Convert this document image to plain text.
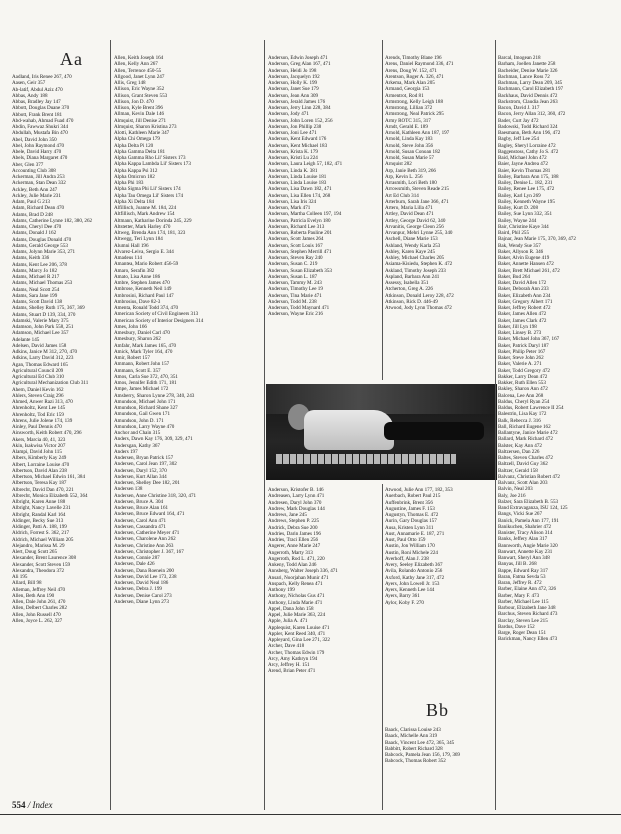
Aa
Aadland, Iris Renee 267, 470
Aasen, Geir 357
Ab-latif, Abdul Aziz 470
Abbas, Andy 188
Abbas, Bradley Jay 147
Abbott, Douglas Duane 370
Abbott, Frank Brent 181
Abd-wahab, Ahmad Fuad 470
Abdin, Fawwaz Shukri 344
Abdullah, Mustafa Bin 470
Abel, David John 350
Abel, John Raymond 470
Abele, David Harry 470
Abels, Diana Margaret 470
Aber, Glen 377
Accounting Club 308
Ackerman, Jill Andra 253
Ackerman, Stan Dean 332
Ackley, Beth Ann 247
Ackley, Julie Marie 231
Adam, Paul G 213
Adam, Richard Dean 470
Adams, Brad D 248
Adams, Catherine Lynne 182, 380, 262
Adams, Cheryl Dee 470
Adams, Donald J 162
Adams, Douglas Donald 470
Adams, Gerald George 553
Adams, Jolynn Marie 353, 271
Adams, Keith 336
Adams, Kent Lee 206, 378
Adams, Marcy Jo 182
Adams, Michael R 217
Adams, Michael Thomas 253
Adams, Neal Scott 254
Adams, Sara Jane 199
Adams, Scott David 138
Adams, Shelley Ruth 175, 367, 369
Adams, Stuart D 139, 334, 370
Adamski, Valerie Mary 375
Adamson, John Park 558, 251
Adamson, Michael Lee 357
Adelante 145
Adelsen, David James 158
Adkins, Janice M 312, 270, 470
Adkins, Larry David 312, 223
Agan, Thomas Edward 165
Agricultural Council 209
Agricultural Ed Club 310
Agricultural Mechanization Club 311
Ahern, Daniel Kevin 162
Ahlers, Steven Craig 296
Ahmed, Anwer Razi 313, 470
Ahrenholtz, Kent Lee 145
Ahrenholtz, Tod Eric 159
Ahrens, Julie Jolene 174, 139
Ainley, Paul Dennis 470
Ainsworth, Keith Robert 470, 296
Akers, Marcia 40, 41, 323
Akin, Isakwisa Victor 207
Alampi, David John 115
Albers, Kimberly Kay 249
Albert, Lorraine Louise 470
Albertson, David Alan 238
Albertson, Michael Edwin 161, 384
Albertson, Teresa Kay 187
Albrecht, David Dan 470, 221
Albrecht, Monica Elizabeth 552, 364
Albright, Karen Anne 188
Albright, Nancy Lavelle 231
Albright, Randal Karl 164
Aldinger, Becky Sue 313
Aldinger, Patti A. 188, 199
Aldrich, Forrest S. 362, 217
Aldrich, Michael William 205
Alejandro, Marissa M. 29
Alert, Doug Scott 265
Alexander, Brent Laurence 308
Alexander, Scott Steven 159
Alexandra, Theodora 372
Ali 195
Allard, Bill 98
Alleman, Jeffrey Neil 470
Allen, Beth Ann 190
Allen, Dale John 261, 470
Allen, Delbert Charles 282
Allen, John Russell 470
Allen, Joyce L. 262, 327
Allen, Keith Joseph 164
Allen, Kelly Ann 267
Allen, Terrence 450-55
Allgood, Janet Lynn 247
Allis, Greg 148
Allison, Eric Wayne 352
Allison, Grant Steven 553
Allison, Jon D. 470
Allison, Kyle Brent 396
Allman, Kevin Dale 146
Almquist, Jill Denise 271
Almquist, Sharon Kristina 273
Alotti, Kathleen Marie 347
Alpha Chi Omega 179
Alpha Delta Pi 120
Alpha Gamma Delta 181
Alpha Gamma Rho Lil' Sisters 173
Alpha Kappa Lambda Lil' Sisters 173
Alpha Kappa Psi 312
Alpha Omicron 182
Alpha Phi 183
Alpha Sigma Phi Lil' Sisters 174
Alpha Tau Omega Lil' Sisters 174
Alpha Xi Delta 184
Alfillisch, Joanne M. 184, 224
Altfillisch, Mark Andrew 154
Altmann, Katharine Dorinda 245, 229
Altstetter, Mark Harley 470
Altweg, Brenda Ann 174, 181, 323
Altwegg, Teri Lynn 184
Alumni Hall 196
Alvarez-Leiva, Sergio E. 344
Amadeus 114
Amantea, Mario Robert 456-59
Amaro, Serafin 382
Amato, Lisa Anne 186
Ambre, Stephen James 470
Ambrose, Kenneth Neil 149
Ambrosini, Richard Paul 147
Ambrosius, Dave 82-3
Amenta, Ronald Todd 374, 470
American Society of Civil Engineers 313
American Society of Interior Designers 314
Ames, John 166
Amesbury, Daniel Carl 470
Amesbury, Sharon 262
Amfahr, Mark James 165, 470
Amick, Mark Tyler 164, 470
Amir, Robert 157
Ammann, Robert John 157
Ammann, Scott E. 357
Amos, Carla Sue 372, 470, 351
Amos, Jennifer Edith 171, 181
Ampe, James Michael 172
Amsberry, Sharon Lynne 278, 340, 243
Amundson, Michael John 171
Amundson, Richard Shane 327
Amundson, Gail Gwen 171
Amundson, John D. 171
Amundson, Larry Wayne 470
Anchor and Chain 315
Anders, Dawn Kay 176, 309, 329, 471
Andersgan, Kathy 367
Anders 197
Andersen, Bryan Patrick 157
Andersen, Carol Jean 197, 302
Andersen, Daryl 152, 370
Andersen, Kurt Allan 344
Andersen, Shelley Dee 182, 201
Andersen 138
Andersen, Anne Christine 318, 320, 471
Andersen, Bruce A. 304
Andersen, Bruce Alan 161
Andersen, Bruce Edward 164, 471
Andersen, Carol Ann 471
Andersen, Cassandra 471
Andersen, Catherine Meyer 471
Andersen, Charolene Ann 262
Andersen, Christine Ann 263
Andersen, Christopher J. 367, 167
Andersen, Connie 287
Andersen, Dale 426
Andersen, Dana Roenein 200
Andersen, David Lee 173, 238
Andersen, David Neal 186
Andersen, Debra J. 199
Andersen, Denise Carol 273
Andersen, Diane Lynn 273
Anderson, Edwin Joseph 471
Anderson, Greg Alan 167, 471
Anderson, Heidi Jo 198
Anderson, Jacquelyn 192
Anderson, Holly K. 199
Anderson, Janet Sue 179
Anderson, Jean Ann 309
Anderson, Jerald James 176
Anderson, Jerry Linn 228, 384
Anderson, Jody 471
Anderson, John Loren 152, 256
Anderson, Jon Phillip 238
Anderson, Joni Lee 471
Anderson, Kent Edward 176
Anderson, Kent Michael 183
Anderson, Krista K. 179
Anderson, Kristi Lu 224
Anderson, Laura Leigh 57, 182, 471
Anderson, Linda K. 381
Anderson, Linda Louise 181
Anderson, Linda Louise 183
Anderson, Lisa Dawn 182, 471
Anderson, Lisa Ellen 174, 268
Anderson, Lisa Iris 324
Anderson, Mark 471
Anderson, Martha Colleen 197, 194
Anderson, Patricia Evelyn 180
Anderson, Richard Lee 313
Anderson, Roberta Pauline 201
Anderson, Scott James 264
Anderson, Scott Louis 167
Anderson, Stephen Merrill 471
Anderson, Steven Ray 240
Anderson, Susan C. 219
Anderson, Susan Elizabeth 353
Anderson, Susan L. 187
Anderson, Tammy M. 243
Anderson, Timothy Lee 19
Anderson, Tina Marie 471
Anderson, Todd M. 238
Anderson, Todd Maynard 471
Anderson, Wayne Eric 216
Arends, Timothy Blane 196
Arens, Daniel Raymond 336, 471
Arens, Doug W. 152, 471
Arentson, Roger A. 326, 471
Arkema, Mark Alan 205
Armand, Georgia 153
Armentrot, Rod 81
Armstrong, Kelly Leigh 188
Armstrong, Lillian 372
Armstrong, Neal Patrick 295
Army ROTC 315, 317
Arndt, Gerald E. 189
Arnold, Kathleen Ann 187, 197
Arnold, Linda Kay 183
Arnold, Steve John 356
Arnold, Susan Conoan 182
Arnold, Susan Marie 57
Arnquist 282
Arp, Janie Beth 319, 266
Arp, Kevin L. 256
Arrasmith, Lori Beth 180
Arrowsmith, Steven Reade 215
Art Ed Club 314
Arterburn, Sarah Jane 366, 471
Artero, Maria Lilla 471
Artley, David Dean 471
Artley, George David 62, 340
Arvanitis, George Cleon 256
Arvanpur, Mehri Lynne 255, 340
Aschell, Diane Marie 153
Ashland, Wendy Karla 253
Ashley, Karen Kaye 245
Ashley, Michael Charles 205
Asiama-Kisiedu, Stephen K. 472
Askland, Timothy Joseph 233
Aspland, Barbara Ann 241
Assessy, Isabella 351
Atcherton, Greg A. 226
Atkinson, Donald Leroy 228, 472
Atkinson, Rick D. 446-49
Atwood, Jody Lynn Thomas 472
Barcal, Imogean 218
Barham, Joellen Janette 258
Bacheider, Denise Marie 326
Bachman, Lance Ross 72
Bachman, Larry Dean 209, 345
Bachmann, Carol Elizabeth 197
Backhaus, David Dennis 472
Backstrom, Claudia Jean 263
Bacon, David J. 317
Bacon, Jerry Allan 312, 360, 472
Bader, Curt Jay 472
Badowski, Todd Richard 324
Baesmann, Beth Ann 196, 472
Bagby, Jeff Lee 254
Bagley, Sheryl Lorraine 472
Baggenstoss, Cathy Jo S. 472
Baid, Michael John 472
Baier, Jayne Andrea 472
Baier, Kevin Thomas 281
Bailey, Barbara Ann 175, 188
Bailey, Denise L. 182, 231
Bailey, Renee Lee 175, 472
Bailey, Karl Lyn 269
Bailey, Kenneth Wayne 195
Bailey, Kurt D. 208
Bailey, Sue Lynn 332, 351
Bailey, Wayne 244
Bair, Christine Kaye 344
Baird, Phil 255
Bajnar, Jean Marie 175, 370, 369, 472
Bak, Wendy Sue 357
Baker, Allyson R. 346
Baker, Alvin Eugene 419
Baker, Annette Hansen 472
Baker, Brett Michael 261, 472
Baker, Bud 264
Baker, David Allen 172
Baker, Deborah Ann 233
Baker, Elizabeth Ann 234
Baker, Gregory Albert 171
Baker, Jeffrey Robert 472
Baker, James Allen 472
Baker, James Clark 472
Baker, Jill Lyn 198
Baker, Linsey B. 273
Baker, Michael John 367, 167
Baker, Patrick Daryl 187
Baker, Philip Peter 167
Baker, Steve John 262
Baker, Valerie A. 271
Baker, Todd Gregory 472
Bakker, Larry Dean 472
Bakker, Ruth Ellen 553
Bakley, Sharon Ann 472
Balcena, Lee Ann 268
Baldus, Cheryl Ryan 254
Baldus, Robert Lawrence II 254
Balestrin, Lisa Kay 172
Balk, Rebecca J. 316
Ball, Richard Eugene 162
Ballantyne, Janice Marie 472
Ballard, Mark Richard 472
Balster, Kay Ann 472
Baltzersen, Dan 226
Baltes, Steven Charles 472
Baltzell, David Guy 362
Baltzer, Gerald 158
Balvanz, Christian Robert 472
Balvanz, Scott Alan 203
Balvin, Neal 203
Baly, Joe 216
Balzer, Sara Elizabeth B. 553
Band Extravaganza, ISU 124, 125
Bangs, Vicki Sue 267
Banick, Pamela Ann 177, 191
Banikuchen, Shahrier 472
Banister, Tracy Alison 314
Banks, Jeffery Alan 317
Bannworth, Angie Marie 320
Banwart, Annette Kay 231
Banwart, Sheryl Ann 348
Banyas, Jill B. 268
Bappe, Edward Ray 317
Baran, Fatma Sevda 53
Baran, Jeffrey R. 472
Barber, Elaine Ann 472, 326
Barber, Mary F. 473
Barber, Michael Lee 115
Barbour, Elizabeth Jane 348
Barchus, Steven Richard 473
Barclay, Steven Lee 215
Bardus, Dave 152
Barge, Roger Dean 151
Barickman, Nancy Ellen 473
Anderson, Kristofer B. 146
Andreasen, Larry Lynn 471
Andresen, Daryl John 370
Andrew, Mark Douglas 144
Andrews, Jane 245
Andrews, Stephen P. 225
Andrick, Debra Sue 200
Andries, Darin James 196
Andries, Traci Ellen 256
Angerer, Anne Marie 247
Angerroth, Marty 313
Angerroth, Rod L. 471, 220
Ankeny, Todd Alan 246
Annsberg, Walter Joseph 336, 471
Ansari, Noorjahan Munir 471
Anspach, Kelly Renea 471
Anthony 199
Anthony, Nicholas Gus 471
Anthony, Linda Marie 471
Appel, Dana John 158
Appel, Julie Marie 363, 224
Apple, Julia A. 471
Applequist, Karen Louise 471
Appler, Kent Reed 340, 471
Appleyard, Gina Lee 271, 322
Archer, Dave 418
Archer, Thomas Edwin 179
Arcy, Amy Kathryn 194
Arcy, Jeffrey H. 151
Arend, Brian Peter 471
Atwood, Julie Ann 177, 182, 353
Auerbach, Robert Paul 215
Auffenbrink, Brent 356
Augustine, James F. 153
Augustyn, Thomas E. 472
Aurin, Gary Douglas 157
Ausa, Kristen Lynn 311
Aust, Annamarie E. 187, 271
Aust, Paul Otto 159
Austin, Jon William 170
Austin, Roni Michele 224
Averhoff, Alan J. 238
Avery, Seeley Elizabeth 367
Avila, Rolando Antonio 256
Axford, Kathy Jane 317, 472
Ayers, John Lowell Jr. 153
Ayers, Kenneth Lee 144
Ayers, Barry 361
Aylor, Koby F. 270
Bb
Baack, Clarissa Louise 243
Baack, Michelle Ann 319
Baack, Vincent Lee 472, 365, 345
Babbitt, Robert Richard 328
Babcock, Pamela Jean 156, 179, 369
Babcock, Thomas Robert 352
554 / Index
